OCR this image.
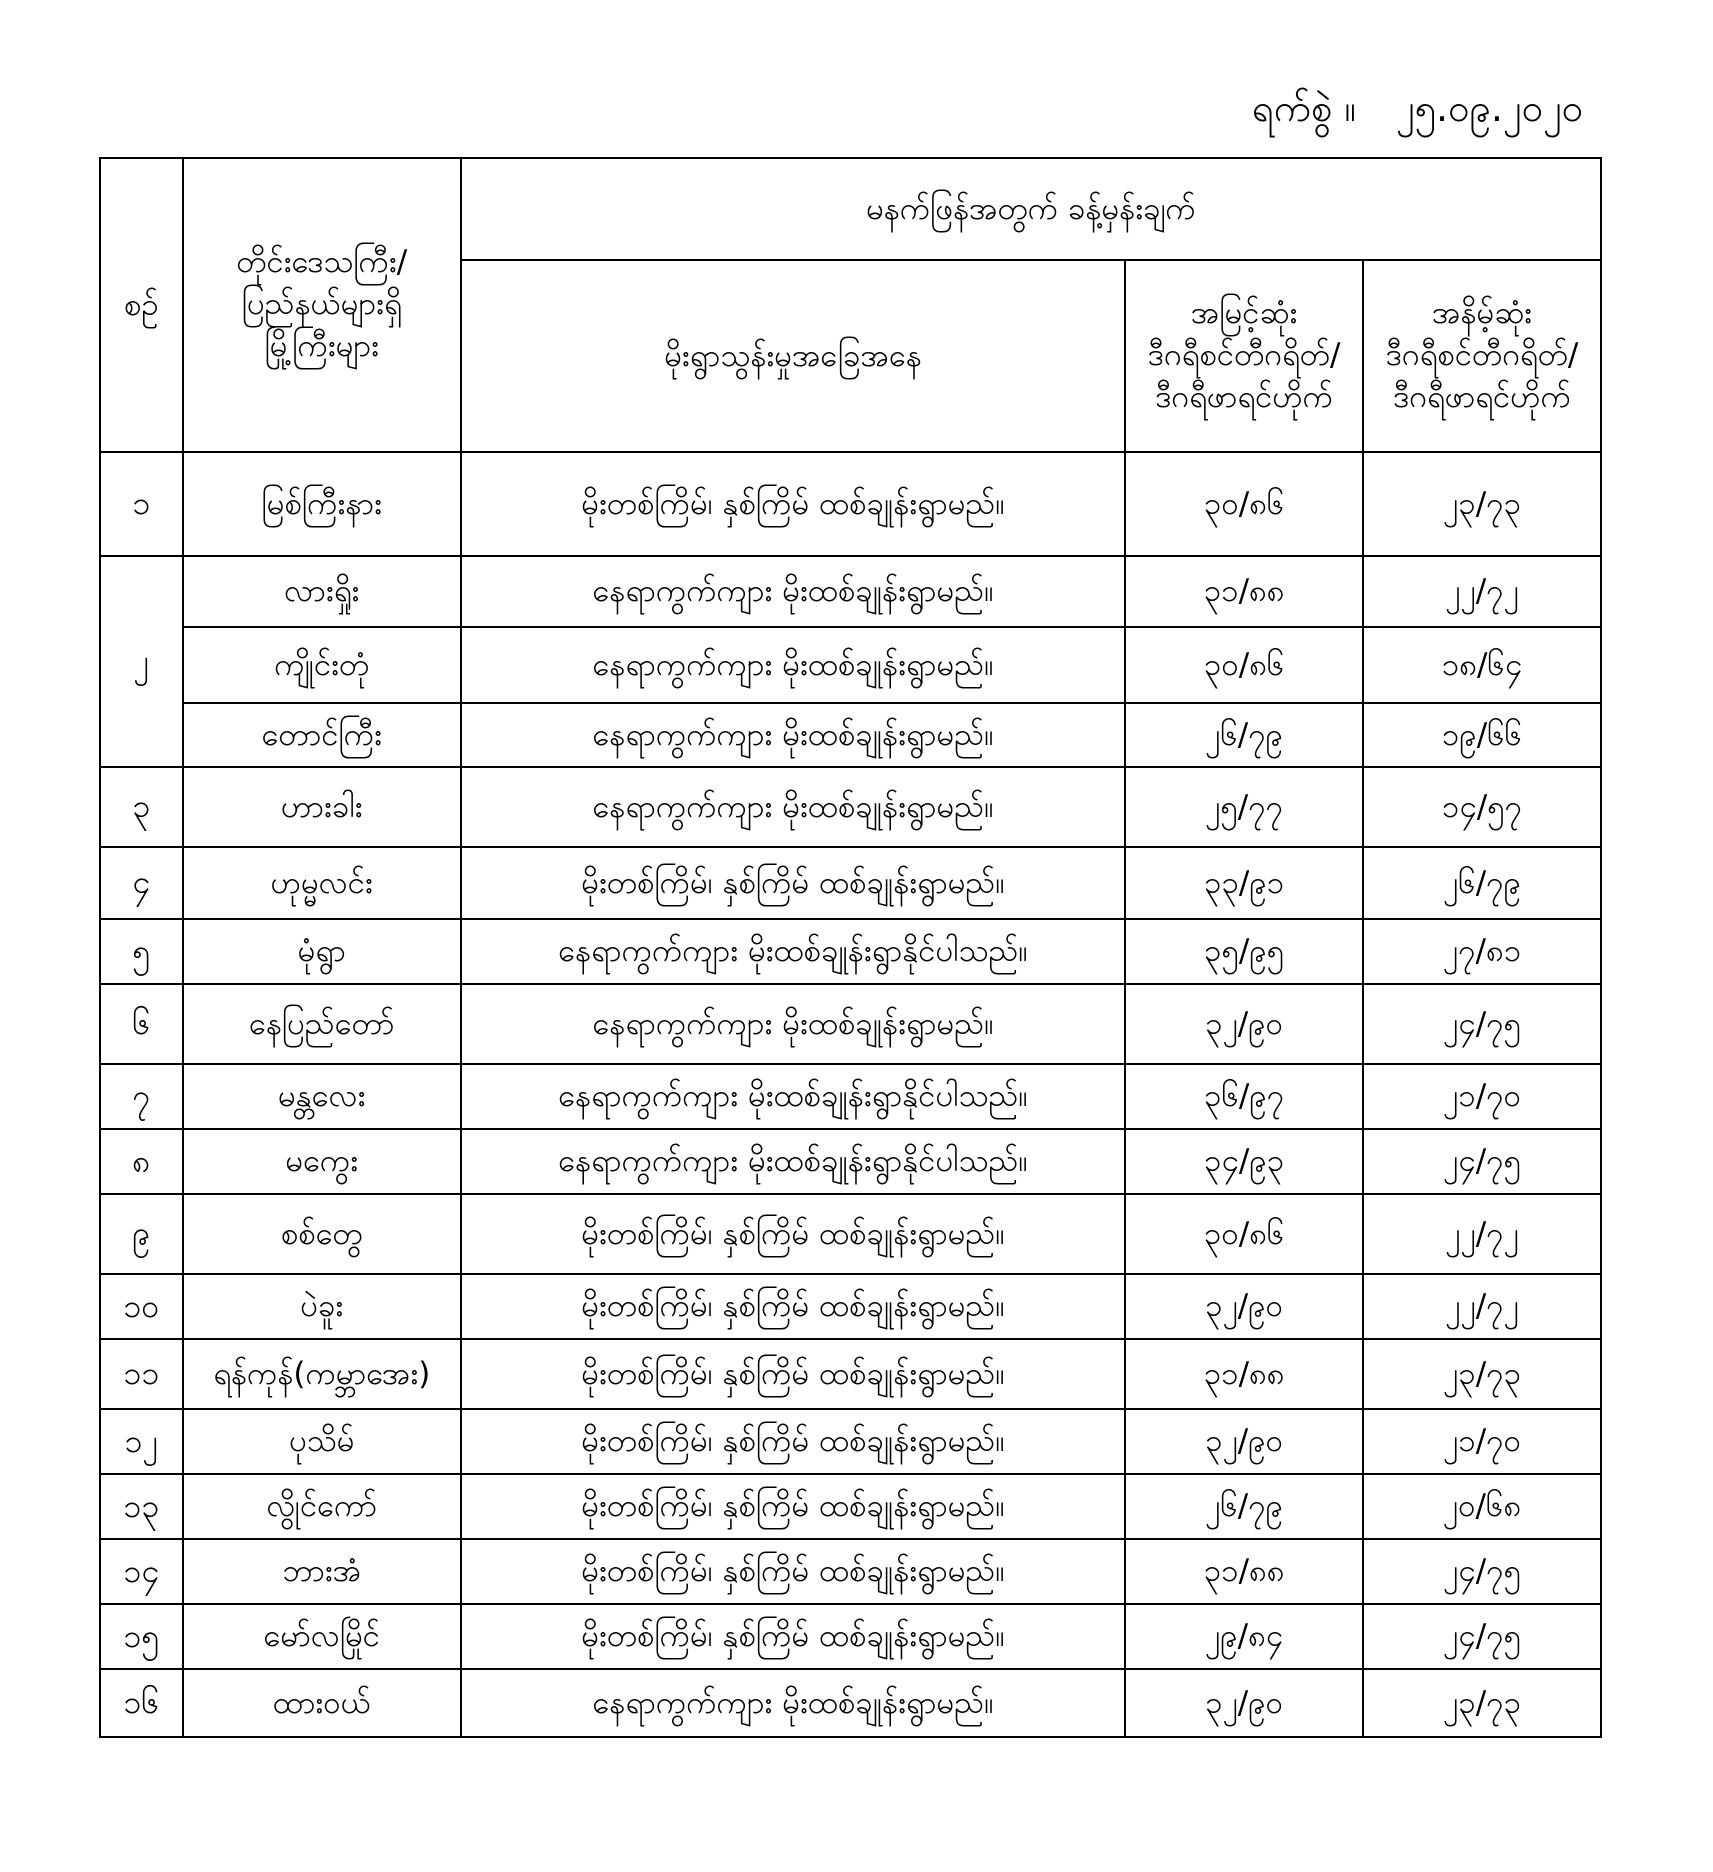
ရက်စွဲ ။ ၂၅.၀၉.၂၀၂၀
စဉ်	တိုင်းဒေသကြီး/
ပြည်နယ်များရှိ
မြို့ကြီးများ	မနက်ဖြန်အတွက် ခန့်မှန်းချက်		
		မိုးရွာသွန်းမှုအခြေအနေ	အမြင့်ဆုံး
ဒီဂရီစင်တီဂရိတ်/
ဒီဂရီဖာရင်ဟိုက်	အနိမ့်ဆုံး
ဒီဂရီစင်တီဂရိတ်/
ဒီဂရီဖာရင်ဟိုက်

၁	မြစ်ကြီးနား	မိုးတစ်ကြိမ်၊ နှစ်ကြိမ် ထစ်ချုန်းရွာမည်။	၃၀/၈၆	၂၃/၇၃
၂	လားရှိုး	နေရာကွက်ကျား မိုးထစ်ချုန်းရွာမည်။	၃၁/၈၈	၂၂/၇၂
	ကျိုင်းတုံ	နေရာကွက်ကျား မိုးထစ်ချုန်းရွာမည်။	၃၀/၈၆	၁၈/၆၄
	တောင်ကြီး	နေရာကွက်ကျား မိုးထစ်ချုန်းရွာမည်။	၂၆/၇၉	၁၉/၆၆
၃	ဟားခါး	နေရာကွက်ကျား မိုးထစ်ချုန်းရွာမည်။	၂၅/၇၇	၁၄/၅၇
၄	ဟုမ္မလင်း	မိုးတစ်ကြိမ်၊ နှစ်ကြိမ် ထစ်ချုန်းရွာမည်။	၃၃/၉၁	၂၆/၇၉
၅	မုံရွာ	နေရာကွက်ကျား မိုးထစ်ချုန်းရွာနိုင်ပါသည်။	၃၅/၉၅	၂၇/၈၁
၆	နေပြည်တော်	နေရာကွက်ကျား မိုးထစ်ချုန်းရွာမည်။	၃၂/၉၀	၂၄/၇၅
၇	မန္တလေး	နေရာကွက်ကျား မိုးထစ်ချုန်းရွာနိုင်ပါသည်။	၃၆/၉၇	၂၁/၇၀
၈	မကွေး	နေရာကွက်ကျား မိုးထစ်ချုန်းရွာနိုင်ပါသည်။	၃၄/၉၃	၂၄/၇၅
၉	စစ်တွေ	မိုးတစ်ကြိမ်၊ နှစ်ကြိမ် ထစ်ချုန်းရွာမည်။	၃၀/၈၆	၂၂/၇၂
၁၀	ပဲခူး	မိုးတစ်ကြိမ်၊ နှစ်ကြိမ် ထစ်ချုန်းရွာမည်။	၃၂/၉၀	၂၂/၇၂
၁၁	ရန်ကုန်(ကမ္ဘာအေး)	မိုးတစ်ကြိမ်၊ နှစ်ကြိမ် ထစ်ချုန်းရွာမည်။	၃၁/၈၈	၂၃/၇၃
၁၂	ပုသိမ်	မိုးတစ်ကြိမ်၊ နှစ်ကြိမ် ထစ်ချုန်းရွာမည်။	၃၂/၉၀	၂၁/၇၀
၁၃	လွိုင်ကော်	မိုးတစ်ကြိမ်၊ နှစ်ကြိမ် ထစ်ချုန်းရွာမည်။	၂၆/၇၉	၂၀/၆၈
၁၄	ဘားအံ	မိုးတစ်ကြိမ်၊ နှစ်ကြိမ် ထစ်ချုန်းရွာမည်။	၃၁/၈၈	၂၄/၇၅
၁၅	မော်လမြိုင်	မိုးတစ်ကြိမ်၊ နှစ်ကြိမ် ထစ်ချုန်းရွာမည်။	၂၉/၈၄	၂၄/၇၅
၁၆	ထားဝယ်	နေရာကွက်ကျား မိုးထစ်ချုန်းရွာမည်။	၃၂/၉၀	၂၃/၇၃
